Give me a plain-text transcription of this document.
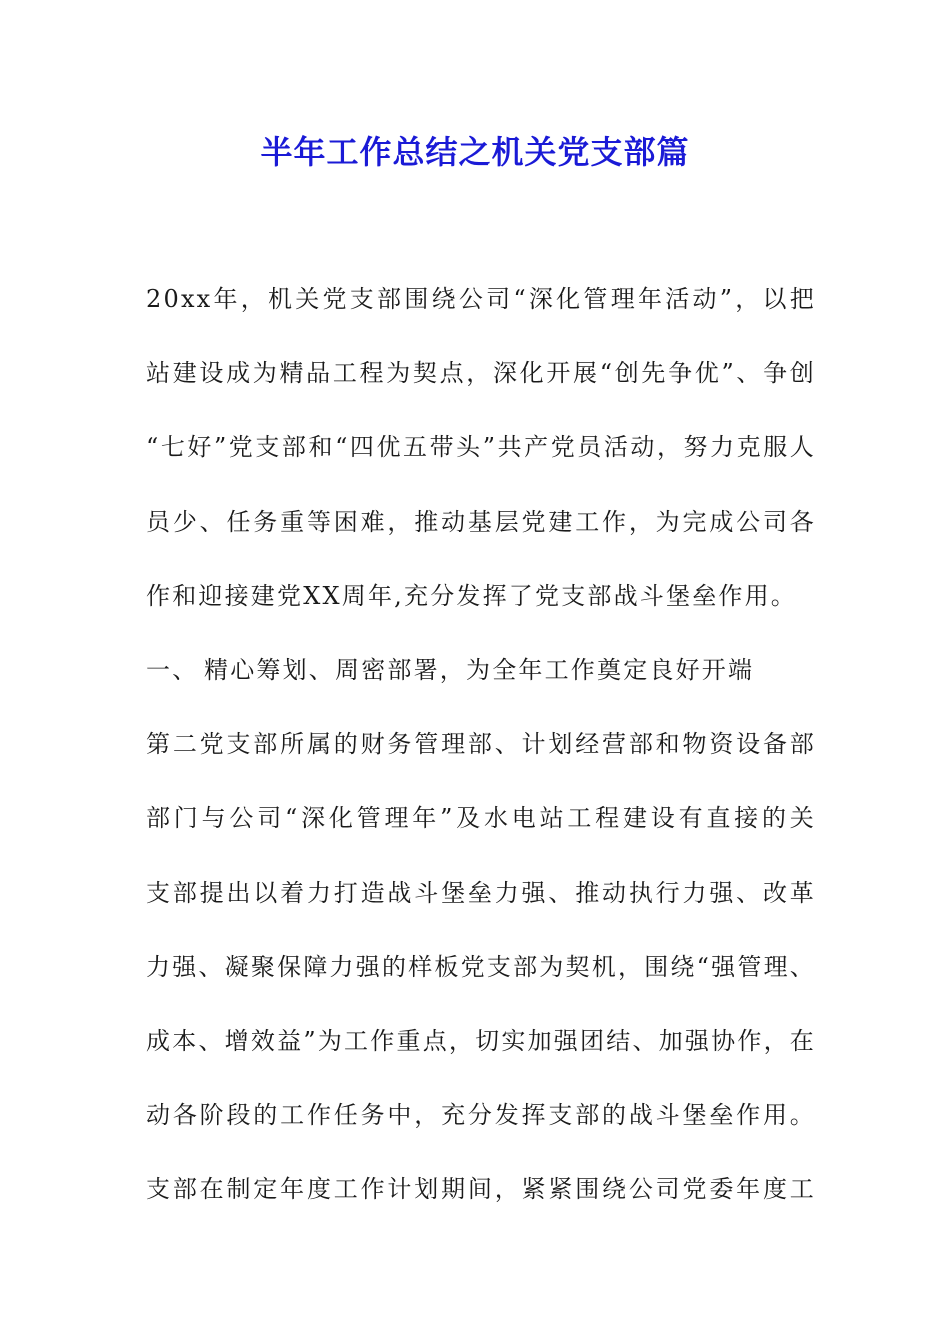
半年工作总结之机关党支部篇
20xx年，机关党支部围绕公司“深化管理年活动”，以把
站建设成为精品工程为契点，深化开展“创先争优”、争创
“七好”党支部和“四优五带头”共产党员活动，努力克服人
员少、任务重等困难，推动基层党建工作，为完成公司各
作和迎接建党XX周年,充分发挥了党支部战斗堡垒作用。
一、 精心筹划、周密部署，为全年工作奠定良好开端
第二党支部所属的财务管理部、计划经营部和物资设备部
部门与公司“深化管理年”及水电站工程建设有直接的关
支部提出以着力打造战斗堡垒力强、推动执行力强、改革
力强、凝聚保障力强的样板党支部为契机，围绕“强管理、
成本、增效益”为工作重点，切实加强团结、加强协作，在
动各阶段的工作任务中，充分发挥支部的战斗堡垒作用。
支部在制定年度工作计划期间，紧紧围绕公司党委年度工
